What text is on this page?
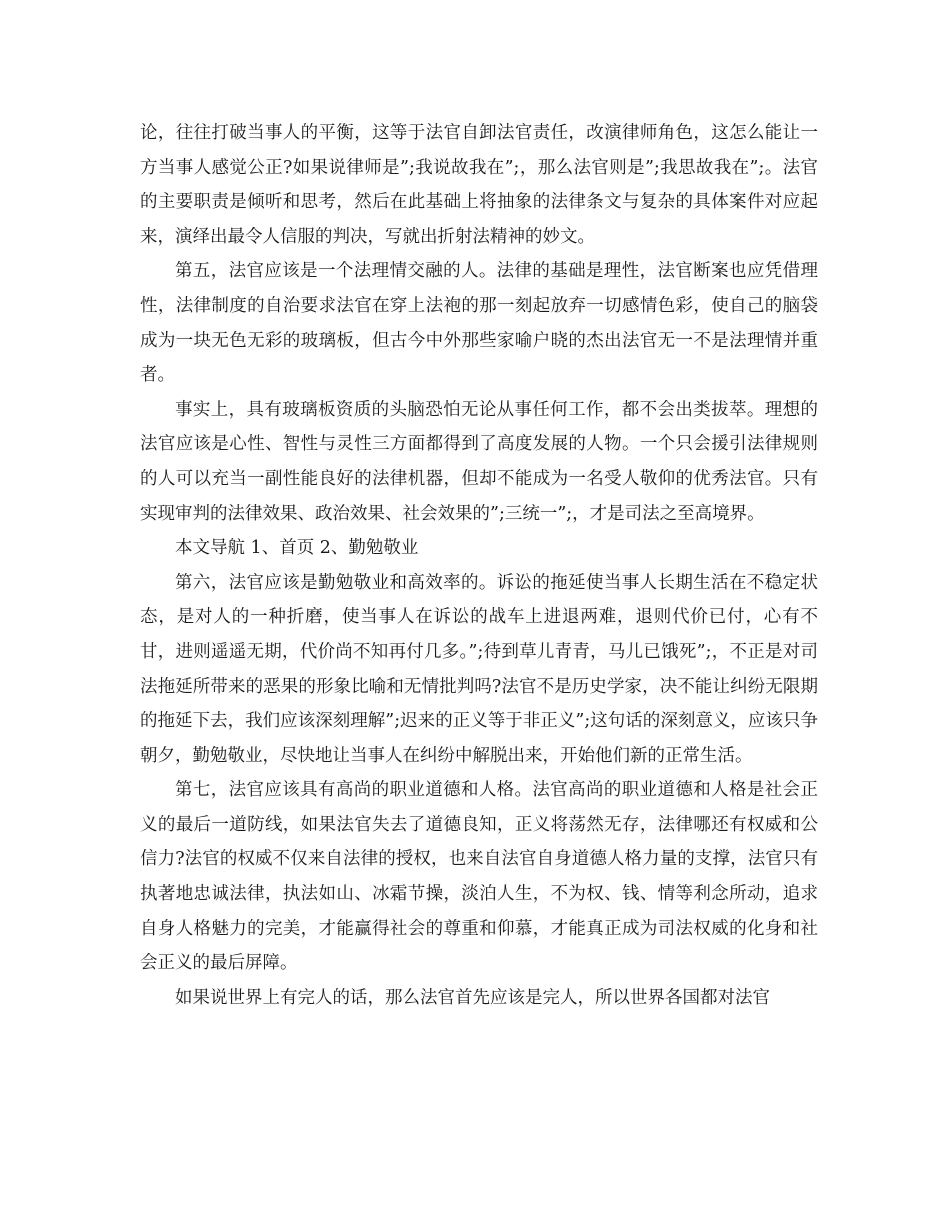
论，往往打破当事人的平衡，这等于法官自卸法官责任，改演律师角色，这怎么能让一方当事人感觉公正?如果说律师是”;我说故我在”;，那么法官则是”;我思故我在”;。法官的主要职责是倾听和思考，然后在此基础上将抽象的法律条文与复杂的具体案件对应起来，演绎出最令人信服的判决，写就出折射法精神的妙文。

第五，法官应该是一个法理情交融的人。法律的基础是理性，法官断案也应凭借理性，法律制度的自治要求法官在穿上法袍的那一刻起放弃一切感情色彩，使自己的脑袋成为一块无色无彩的玻璃板，但古今中外那些家喻户晓的杰出法官无一不是法理情并重者。

事实上，具有玻璃板资质的头脑恐怕无论从事任何工作，都不会出类拔萃。理想的法官应该是心性、智性与灵性三方面都得到了高度发展的人物。一个只会援引法律规则的人可以充当一副性能良好的法律机器，但却不能成为一名受人敬仰的优秀法官。只有实现审判的法律效果、政治效果、社会效果的”;三统一”;，才是司法之至高境界。

本文导航 1、首页 2、勤勉敬业

第六，法官应该是勤勉敬业和高效率的。诉讼的拖延使当事人长期生活在不稳定状态，是对人的一种折磨，使当事人在诉讼的战车上进退两难，退则代价已付，心有不甘，进则遥遥无期，代价尚不知再付几多。”;待到草儿青青，马儿已饿死”;，不正是对司法拖延所带来的恶果的形象比喻和无情批判吗?法官不是历史学家，决不能让纠纷无限期的拖延下去，我们应该深刻理解”;迟来的正义等于非正义”;这句话的深刻意义，应该只争朝夕，勤勉敬业，尽快地让当事人在纠纷中解脱出来，开始他们新的正常生活。

第七，法官应该具有高尚的职业道德和人格。法官高尚的职业道德和人格是社会正义的最后一道防线，如果法官失去了道德良知，正义将荡然无存，法律哪还有权威和公信力?法官的权威不仅来自法律的授权，也来自法官自身道德人格力量的支撑，法官只有执著地忠诚法律，执法如山、冰霜节操，淡泊人生，不为权、钱、情等利念所动，追求自身人格魅力的完美，才能赢得社会的尊重和仰慕，才能真正成为司法权威的化身和社会正义的最后屏障。

如果说世界上有完人的话，那么法官首先应该是完人，所以世界各国都对法官
